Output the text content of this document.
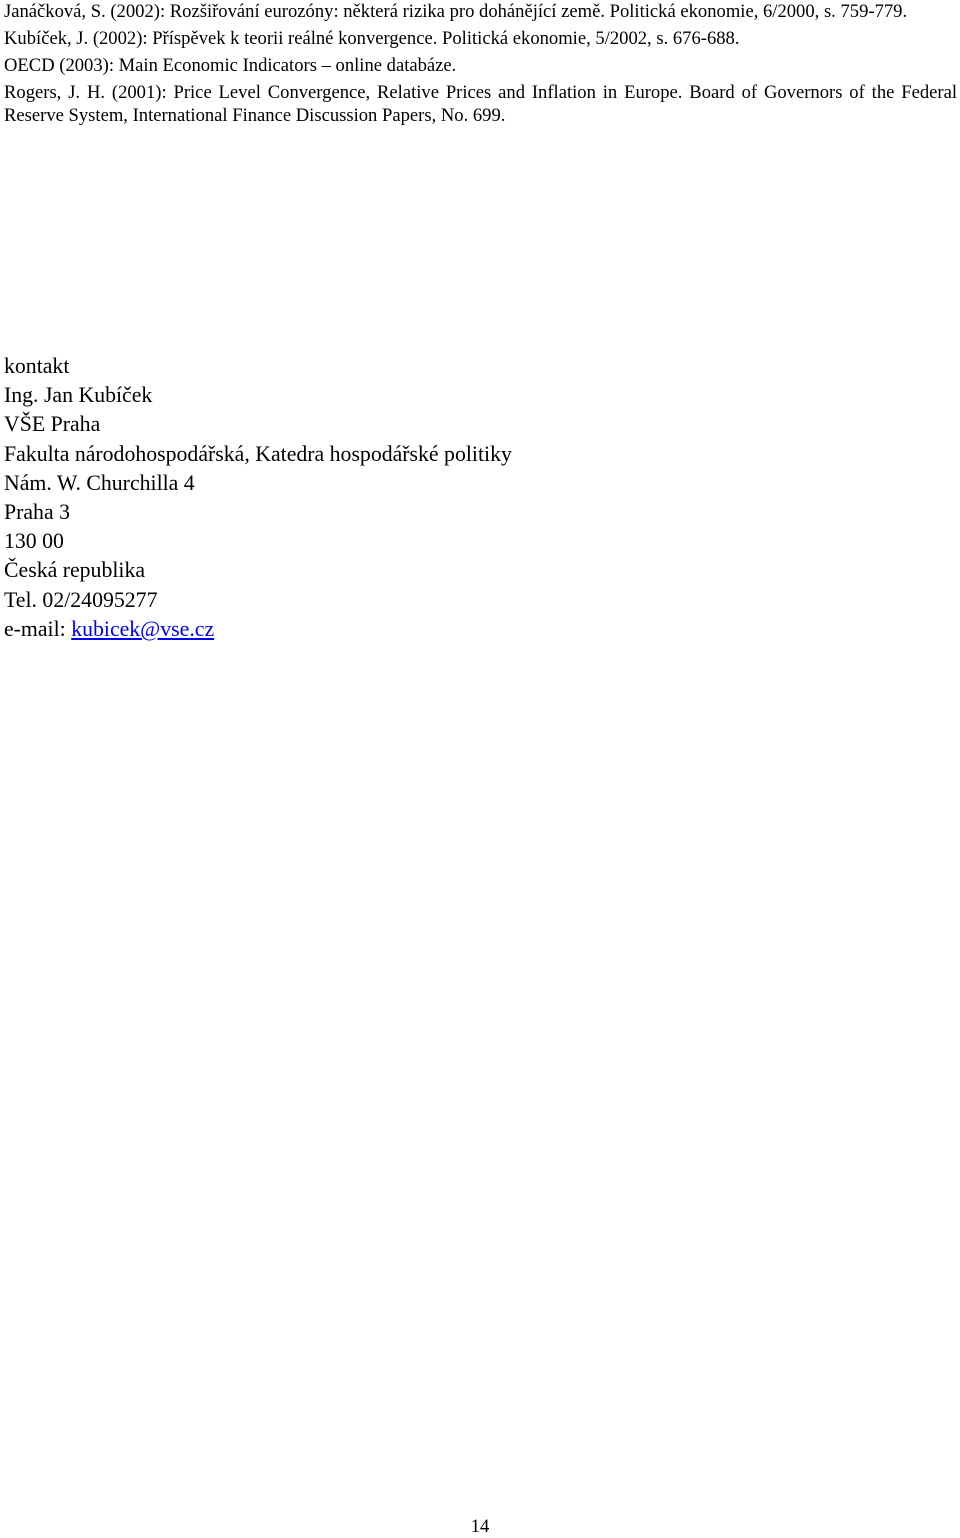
Janáčková, S. (2002): Rozšiřování eurozóny: některá rizika pro dohánějící země. Politická ekonomie, 6/2000, s. 759-779.

Kubíček, J. (2002): Příspěvek k teorii reálné konvergence. Politická ekonomie, 5/2002, s. 676-688.

OECD (2003): Main Economic Indicators – online databáze.

Rogers, J. H. (2001): Price Level Convergence, Relative Prices and Inflation in Europe. Board of Governors of the Federal Reserve System, International Finance Discussion Papers, No. 699.

kontakt
Ing. Jan Kubíček
VŠE Praha
Fakulta národohospodářská, Katedra hospodářské politiky
Nám. W. Churchilla 4
Praha 3
130 00
Česká republika
Tel. 02/24095277
e-mail: kubicek@vse.cz
14
